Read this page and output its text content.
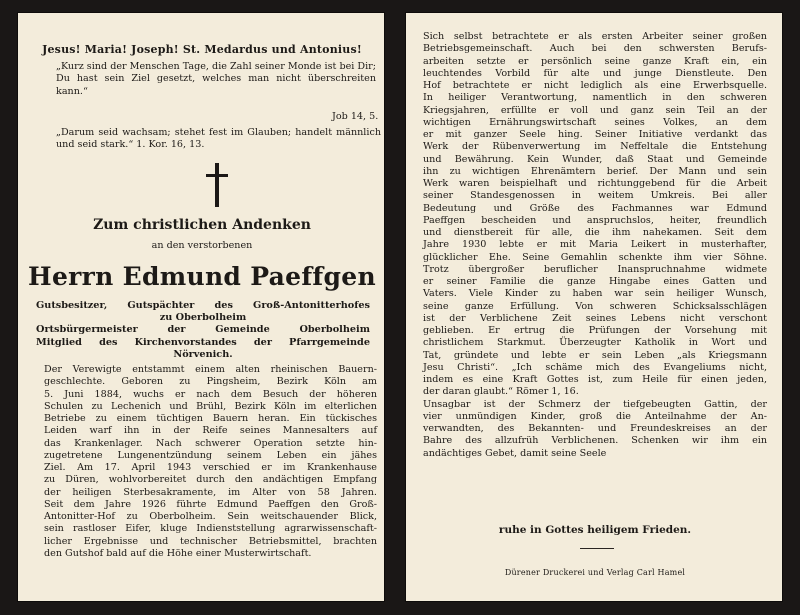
Jesus! Maria! Joseph! St. Medardus und Antonius!
„Kurz sind der Menschen Tage, die Zahl seiner Monde ist bei Dir; Du hast sein Ziel gesetzt, welches man nicht überschreiten kann.“
Job 14, 5.
„Darum seid wachsam; stehet fest im Glauben; handelt männlich und seid stark.“ 1. Kor. 16, 13.
Zum christlichen Andenken
an den verstorbenen
Herrn Edmund Paeffgen
Gutsbesitzer, Gutspächter des Groß-Antonitterhofes
zu Oberbolheim
Ortsbürgermeister der Gemeinde Oberbolheim
Mitglied des Kirchenvorstandes der Pfarrgemeinde
Nörvenich.
Der Verewigte entstammt einem alten rheinischen Bauern-
geschlechte. Geboren zu Pingsheim, Bezirk Köln am
5. Juni 1884, wuchs er nach dem Besuch der höheren
Schulen zu Lechenich und Brühl, Bezirk Köln im elterlichen
Betriebe zu einem tüchtigen Bauern heran. Ein tückisches
Leiden warf ihn in der Reife seines Mannesalters auf
das Krankenlager. Nach schwerer Operation setzte hin-
zugetretene Lungenentzündung seinem Leben ein jähes
Ziel. Am 17. April 1943 verschied er im Krankenhause
zu Düren, wohlvorbereitet durch den andächtigen Empfang
der heiligen Sterbesakramente, im Alter von 58 Jahren.
Seit dem Jahre 1926 führte Edmund Paeffgen den Groß-
Antonitter-Hof zu Oberbolheim. Sein weitschauender Blick,
sein rastloser Eifer, kluge Indienststellung agrarwissenschaft-
licher Ergebnisse und technischer Betriebsmittel, brachten
den Gutshof bald auf die Höhe einer Musterwirtschaft.
Sich selbst betrachtete er als ersten Arbeiter seiner großen
Betriebsgemeinschaft. Auch bei den schwersten Berufs-
arbeiten setzte er persönlich seine ganze Kraft ein, ein
leuchtendes Vorbild für alte und junge Dienstleute. Den
Hof betrachtete er nicht lediglich als eine Erwerbsquelle.
In heiliger Verantwortung, namentlich in den schweren
Kriegsjahren, erfüllte er voll und ganz sein Teil an der
wichtigen Ernährungswirtschaft seines Volkes, an dem
er mit ganzer Seele hing. Seiner Initiative verdankt das
Werk der Rübenverwertung im Neffeltale die Entstehung
und Bewährung. Kein Wunder, daß Staat und Gemeinde
ihn zu wichtigen Ehrenämtern berief. Der Mann und sein
Werk waren beispielhaft und richtunggebend für die Arbeit
seiner Standesgenossen in weitem Umkreis. Bei aller
Bedeutung und Größe des Fachmannes war Edmund
Paeffgen bescheiden und anspruchslos, heiter, freundlich
und dienstbereit für alle, die ihm nahekamen. Seit dem
Jahre 1930 lebte er mit Maria Leikert in musterhafter,
glücklicher Ehe. Seine Gemahlin schenkte ihm vier Söhne.
Trotz übergroßer beruflicher Inanspruchnahme widmete
er seiner Familie die ganze Hingabe eines Gatten und
Vaters. Viele Kinder zu haben war sein heiliger Wunsch,
seine ganze Erfüllung. Von schweren Schicksalsschlägen
ist der Verblichene Zeit seines Lebens nicht verschont
geblieben. Er ertrug die Prüfungen der Vorsehung mit
christlichem Starkmut. Überzeugter Katholik in Wort und
Tat, gründete und lebte er sein Leben „als Kriegsmann
Jesu Christi“. „Ich schäme mich des Evangeliums nicht,
indem es eine Kraft Gottes ist, zum Heile für einen jeden,
der daran glaubt.“ Römer 1, 16.
Unsagbar ist der Schmerz der tiefgebeugten Gattin, der
vier unmündigen Kinder, groß die Anteilnahme der An-
verwandten, des Bekannten- und Freundeskreises an der
Bahre des allzufrüh Verblichenen. Schenken wir ihm ein
andächtiges Gebet, damit seine Seele
ruhe in Gottes heiligem Frieden.
Dürener Druckerei und Verlag Carl Hamel
